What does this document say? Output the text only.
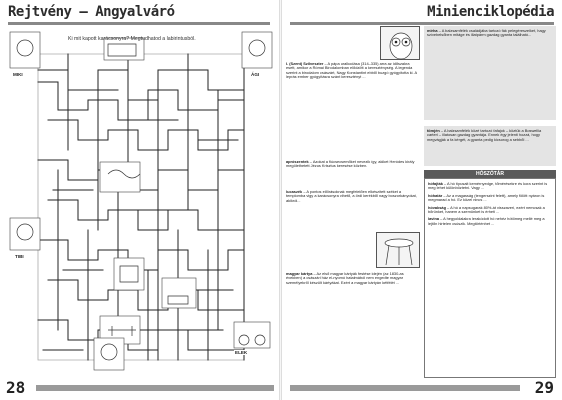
Rejtvény – Angyalváró
Ki mit kapott karácsonyra? Megtudhatod a labirintusból.
MIKI	ÁGI
TIBI
ELEK
28
Minienciklopédia
I. (Szent) Szilveszter – A pápa uralkodása (314–335) arra az időszakra esett, amikor a Római Birodalomban elődzött a kereszténység. A legenda szerint a birodalom császárt, Nagy Konstantint ebből buzgó gyógyította ki. A leprás ember gyógyításra szánt keresztényt ...
aprószentek – Azokat a fiúcsecsemőket nevezik így, akiket Heródes király megölethetett Jézus Krisztus keresése közben.
lucaszék – A pontos előírásoknak megfelelően elkészített széket a templomba vigy a karácsonyra vihető, a ördi kerékből nagy boszorkányokat, akikról...
magyar kártya – Az első magyar kártyák festése idején (az 1830-as években) a császári ház el-nyomó hatalmából nem engedte magyar személyekről készült kártyákat. Ezért a magyar kártyán kétfélét ...
mirha – A balzsamfélék családjába tartozó fák pelegéreszeiket, hagy szívebelsőben mitáge és illatpárm gazdag gyanta található...
tömjén – A balzsamfélék közé tartozó fafajok – köztük a Boswellia carteri – illatosan gazdag gyantája. Ennek égy jelenti hozzá, hogy megvágják a fa kérgét, a gyanta pedig kicsorog a sebből ...
HÓSZÓTÁR
hófajták – A hó típusait kemérnyedge, tőmérésekre és kora szerint is meg lehet különböztetni. Vagy ...
hóhatár – Az a magasság (tengerszint felett), amely fölött nyáron is megmarad a hó. Ez közel nincs ...
hóvakság – A hó a napsugarak 80%-át visszaveri, ezért nemcsak a bőrünket, hanem a szemünket is érheti ...
lavina – A hegyoldalakra lerakódott hó nehéz hótömeg mellé meg a lejtőn hirtelen csúszik. Megtörténhet ...
29
